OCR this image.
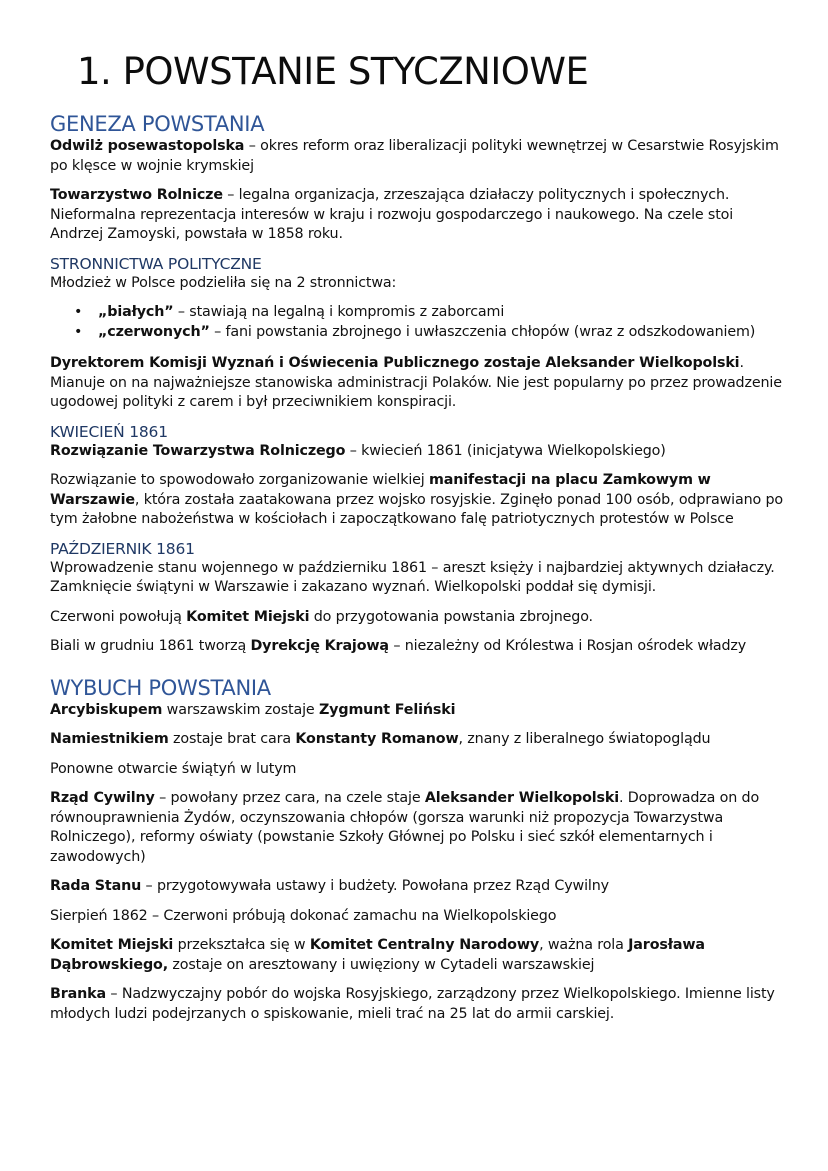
1. POWSTANIE STYCZNIOWE
GENEZA POWSTANIA

Odwilż posewastopolska – okres reform oraz liberalizacji polityki wewnętrzej w Cesarstwie Rosyjskim po klęsce w wojnie krymskiej

Towarzystwo Rolnicze – legalna organizacja, zrzeszająca działaczy politycznych i społecznych. Nieformalna reprezentacja interesów w kraju i rozwoju gospodarczego i naukowego. Na czele stoi Andrzej Zamoyski, powstała w 1858 roku.

STRONNICTWA POLITYCZNE

Młodzież w Polsce podzieliła się na 2 stronnictwa:

• „białych” – stawiają na legalną i kompromis z zaborcami
• „czerwonych” – fani powstania zbrojnego i uwłaszczenia chłopów (wraz z odszkodowaniem)

Dyrektorem Komisji Wyznań i Oświecenia Publicznego zostaje Aleksander Wielkopolski. Mianuje on na najważniejsze stanowiska administracji Polaków. Nie jest popularny po przez prowadzenie ugodowej polityki z carem i był przeciwnikiem konspiracji.

KWIECIEŃ 1861

Rozwiązanie Towarzystwa Rolniczego – kwiecień 1861 (inicjatywa Wielkopolskiego)

Rozwiązanie to spowodowało zorganizowanie wielkiej manifestacji na placu Zamkowym w Warszawie, która została zaatakowana przez wojsko rosyjskie. Zginęło ponad 100 osób, odprawiano po tym żałobne nabożeństwa w kościołach i zapoczątkowano falę patriotycznych protestów w Polsce

PAŹDZIERNIK 1861

Wprowadzenie stanu wojennego w październiku 1861 – areszt księży i najbardziej aktywnych działaczy. Zamknięcie świątyni w Warszawie i zakazano wyznań. Wielkopolski poddał się dymisji.

Czerwoni powołują Komitet Miejski do przygotowania powstania zbrojnego.

Biali w grudniu 1861 tworzą Dyrekcję Krajową – niezależny od Królestwa i Rosjan ośrodek władzy

WYBUCH POWSTANIA

Arcybiskupem warszawskim zostaje Zygmunt Feliński

Namiestnikiem zostaje brat cara Konstanty Romanow, znany z liberalnego światopoglądu

Ponowne otwarcie świątyń w lutym

Rząd Cywilny – powołany przez cara, na czele staje Aleksander Wielkopolski. Doprowadza on do równouprawnienia Żydów, oczynszowania chłopów (gorsza warunki niż propozycja Towarzystwa Rolniczego), reformy oświaty (powstanie Szkoły Głównej po Polsku i sieć szkół elementarnych i zawodowych)

Rada Stanu – przygotowywała ustawy i budżety. Powołana przez Rząd Cywilny

Sierpień 1862 – Czerwoni próbują dokonać zamachu na Wielkopolskiego

Komitet Miejski przekształca się w Komitet Centralny Narodowy, ważna rola Jarosława Dąbrowskiego, zostaje on aresztowany i uwięziony w Cytadeli warszawskiej

Branka – Nadzwyczajny pobór do wojska Rosyjskiego, zarządzony przez Wielkopolskiego. Imienne listy młodych ludzi podejrzanych o spiskowanie, mieli trać na 25 lat do armii carskiej.
